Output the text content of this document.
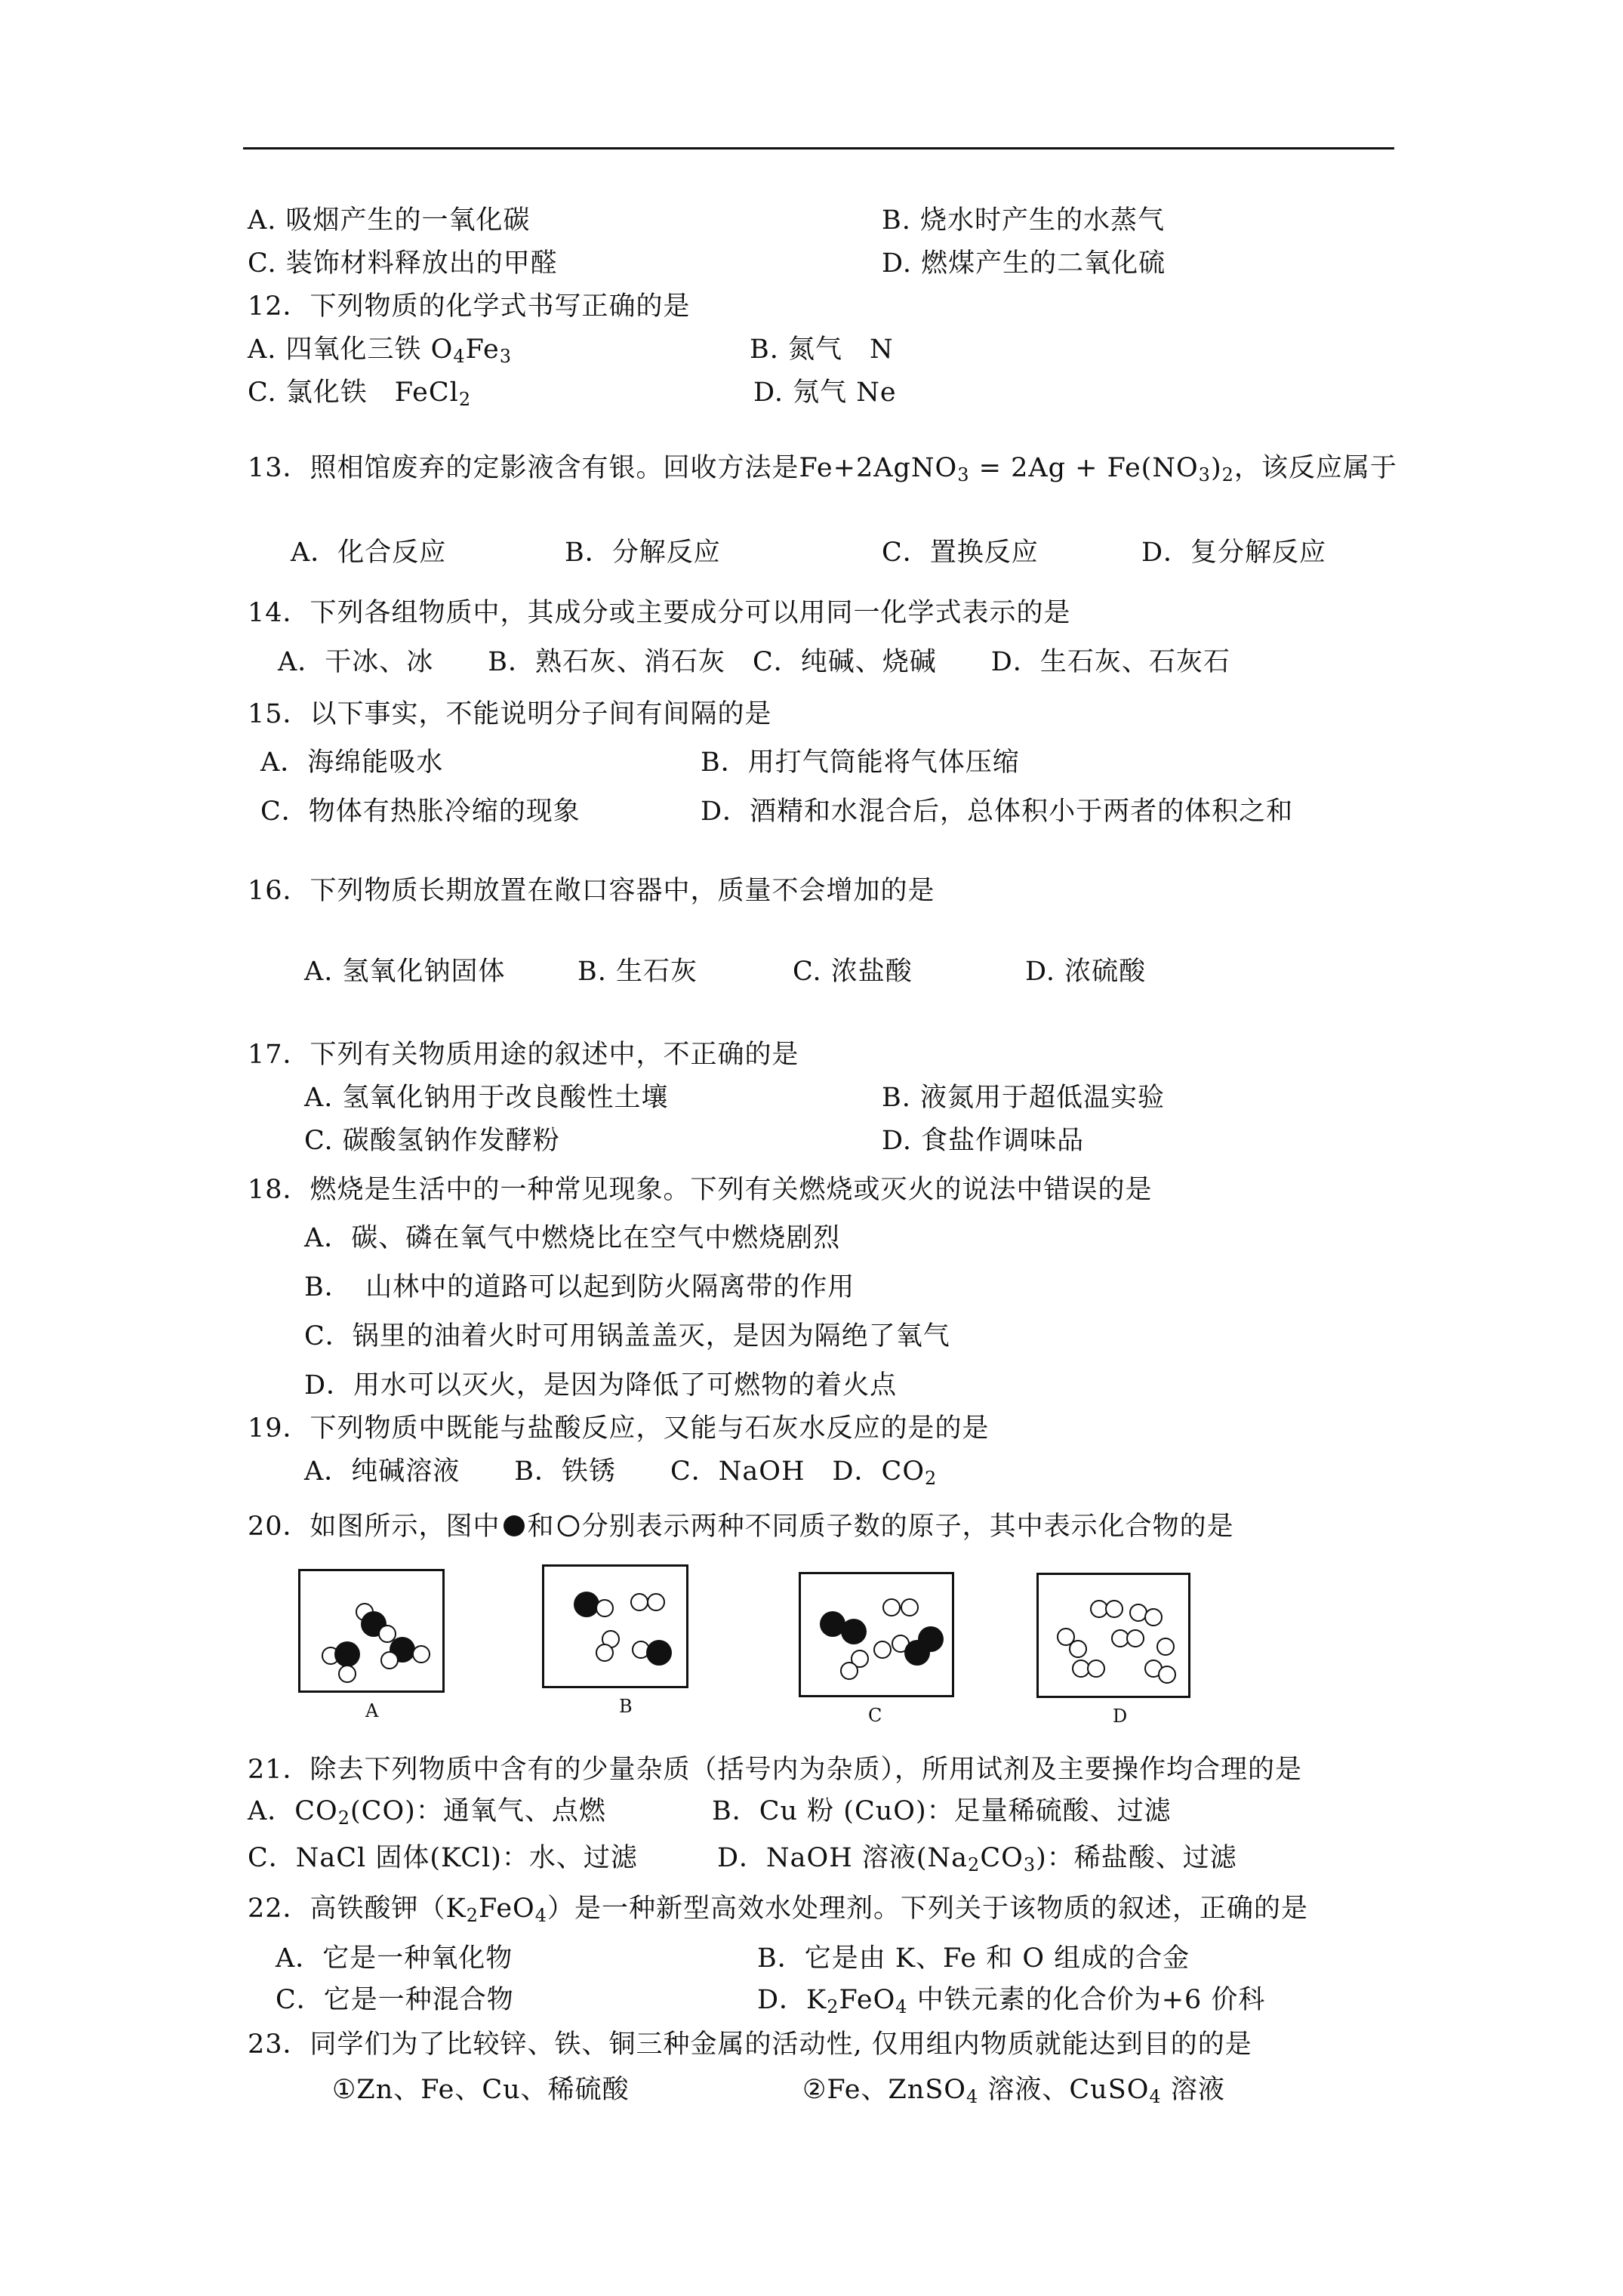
A. 吸烟产生的一氧化碳	B. 烧水时产生的水蒸气
C. 装饰材料释放出的甲醛	D. 燃煤产生的二氧化硫
12．下列物质的化学式书写正确的是
A. 四氧化三铁 $O_4Fe_3$	B. 氮气　N
C. 氯化铁　FeCl$_2$	D. 氖气 Ne
13．照相馆废弃的定影液含有银。回收方法是Fe+2AgNO$_3$ = $2Ag + Fe(NO_3)_2$，该反应属于
A．化合反应	B．分解反应	C．置换反应	D．复分解反应
14．下列各组物质中，其成分或主要成分可以用同一化学式表示的是
A．干冰、冰　　B．熟石灰、消石灰　C．纯碱、烧碱　　D．生石灰、石灰石
15．以下事实，不能说明分子间有间隔的是
A．海绵能吸水	B．用打气筒能将气体压缩
C．物体有热胀冷缩的现象	D．酒精和水混合后，总体积小于两者的体积之和
16．下列物质长期放置在敞口容器中，质量不会增加的是
A. 氢氧化钠固体	B. 生石灰	C. 浓盐酸	D. 浓硫酸
17．下列有关物质用途的叙述中，不正确的是
A. 氢氧化钠用于改良酸性土壤	B. 液氮用于超低温实验
C. 碳酸氢钠作发酵粉	D. 食盐作调味品
18．燃烧是生活中的一种常见现象。下列有关燃烧或灭火的说法中错误的是
A．碳、磷在氧气中燃烧比在空气中燃烧剧烈
B．　山林中的道路可以起到防火隔离带的作用
C．锅里的油着火时可用锅盖盖灭，是因为隔绝了氧气
D．用水可以灭火，是因为降低了可燃物的着火点
19．下列物质中既能与盐酸反应，又能与石灰水反应的是的是
A．纯碱溶液　　B．铁锈　　C．NaOH　D．$CO_2$
20．如图所示，图中 和 分别表示两种不同质子数的原子，其中表示化合物的是
A	B	C	D
21．除去下列物质中含有的少量杂质（括号内为杂质），所用试剂及主要操作均合理的是
A．$CO_2(CO)$：通氧气、点燃	B．Cu 粉 (CuO)：足量稀硫酸、过滤
C．NaCl 固体(KCl)：水、过滤	D．NaOH 溶液$(Na_2CO_3)$：稀盐酸、过滤
22．高铁酸钾$(K_2FeO_4)$是一种新型高效水处理剂。下列关于该物质的叙述，正确的是
A．它是一种氧化物	B．它是由 K、Fe 和 O 组成的合金
C．它是一种混合物	D．$K_2FeO_4$ 中铁元素的化合价为+6 价科
23．同学们为了比较锌、铁、铜三种金属的活动性, 仅用组内物质就能达到目的的是
①Zn、Fe、Cu、稀硫酸	②Fe、ZnSO$_4$ 溶液、CuSO$_4$ 溶液
